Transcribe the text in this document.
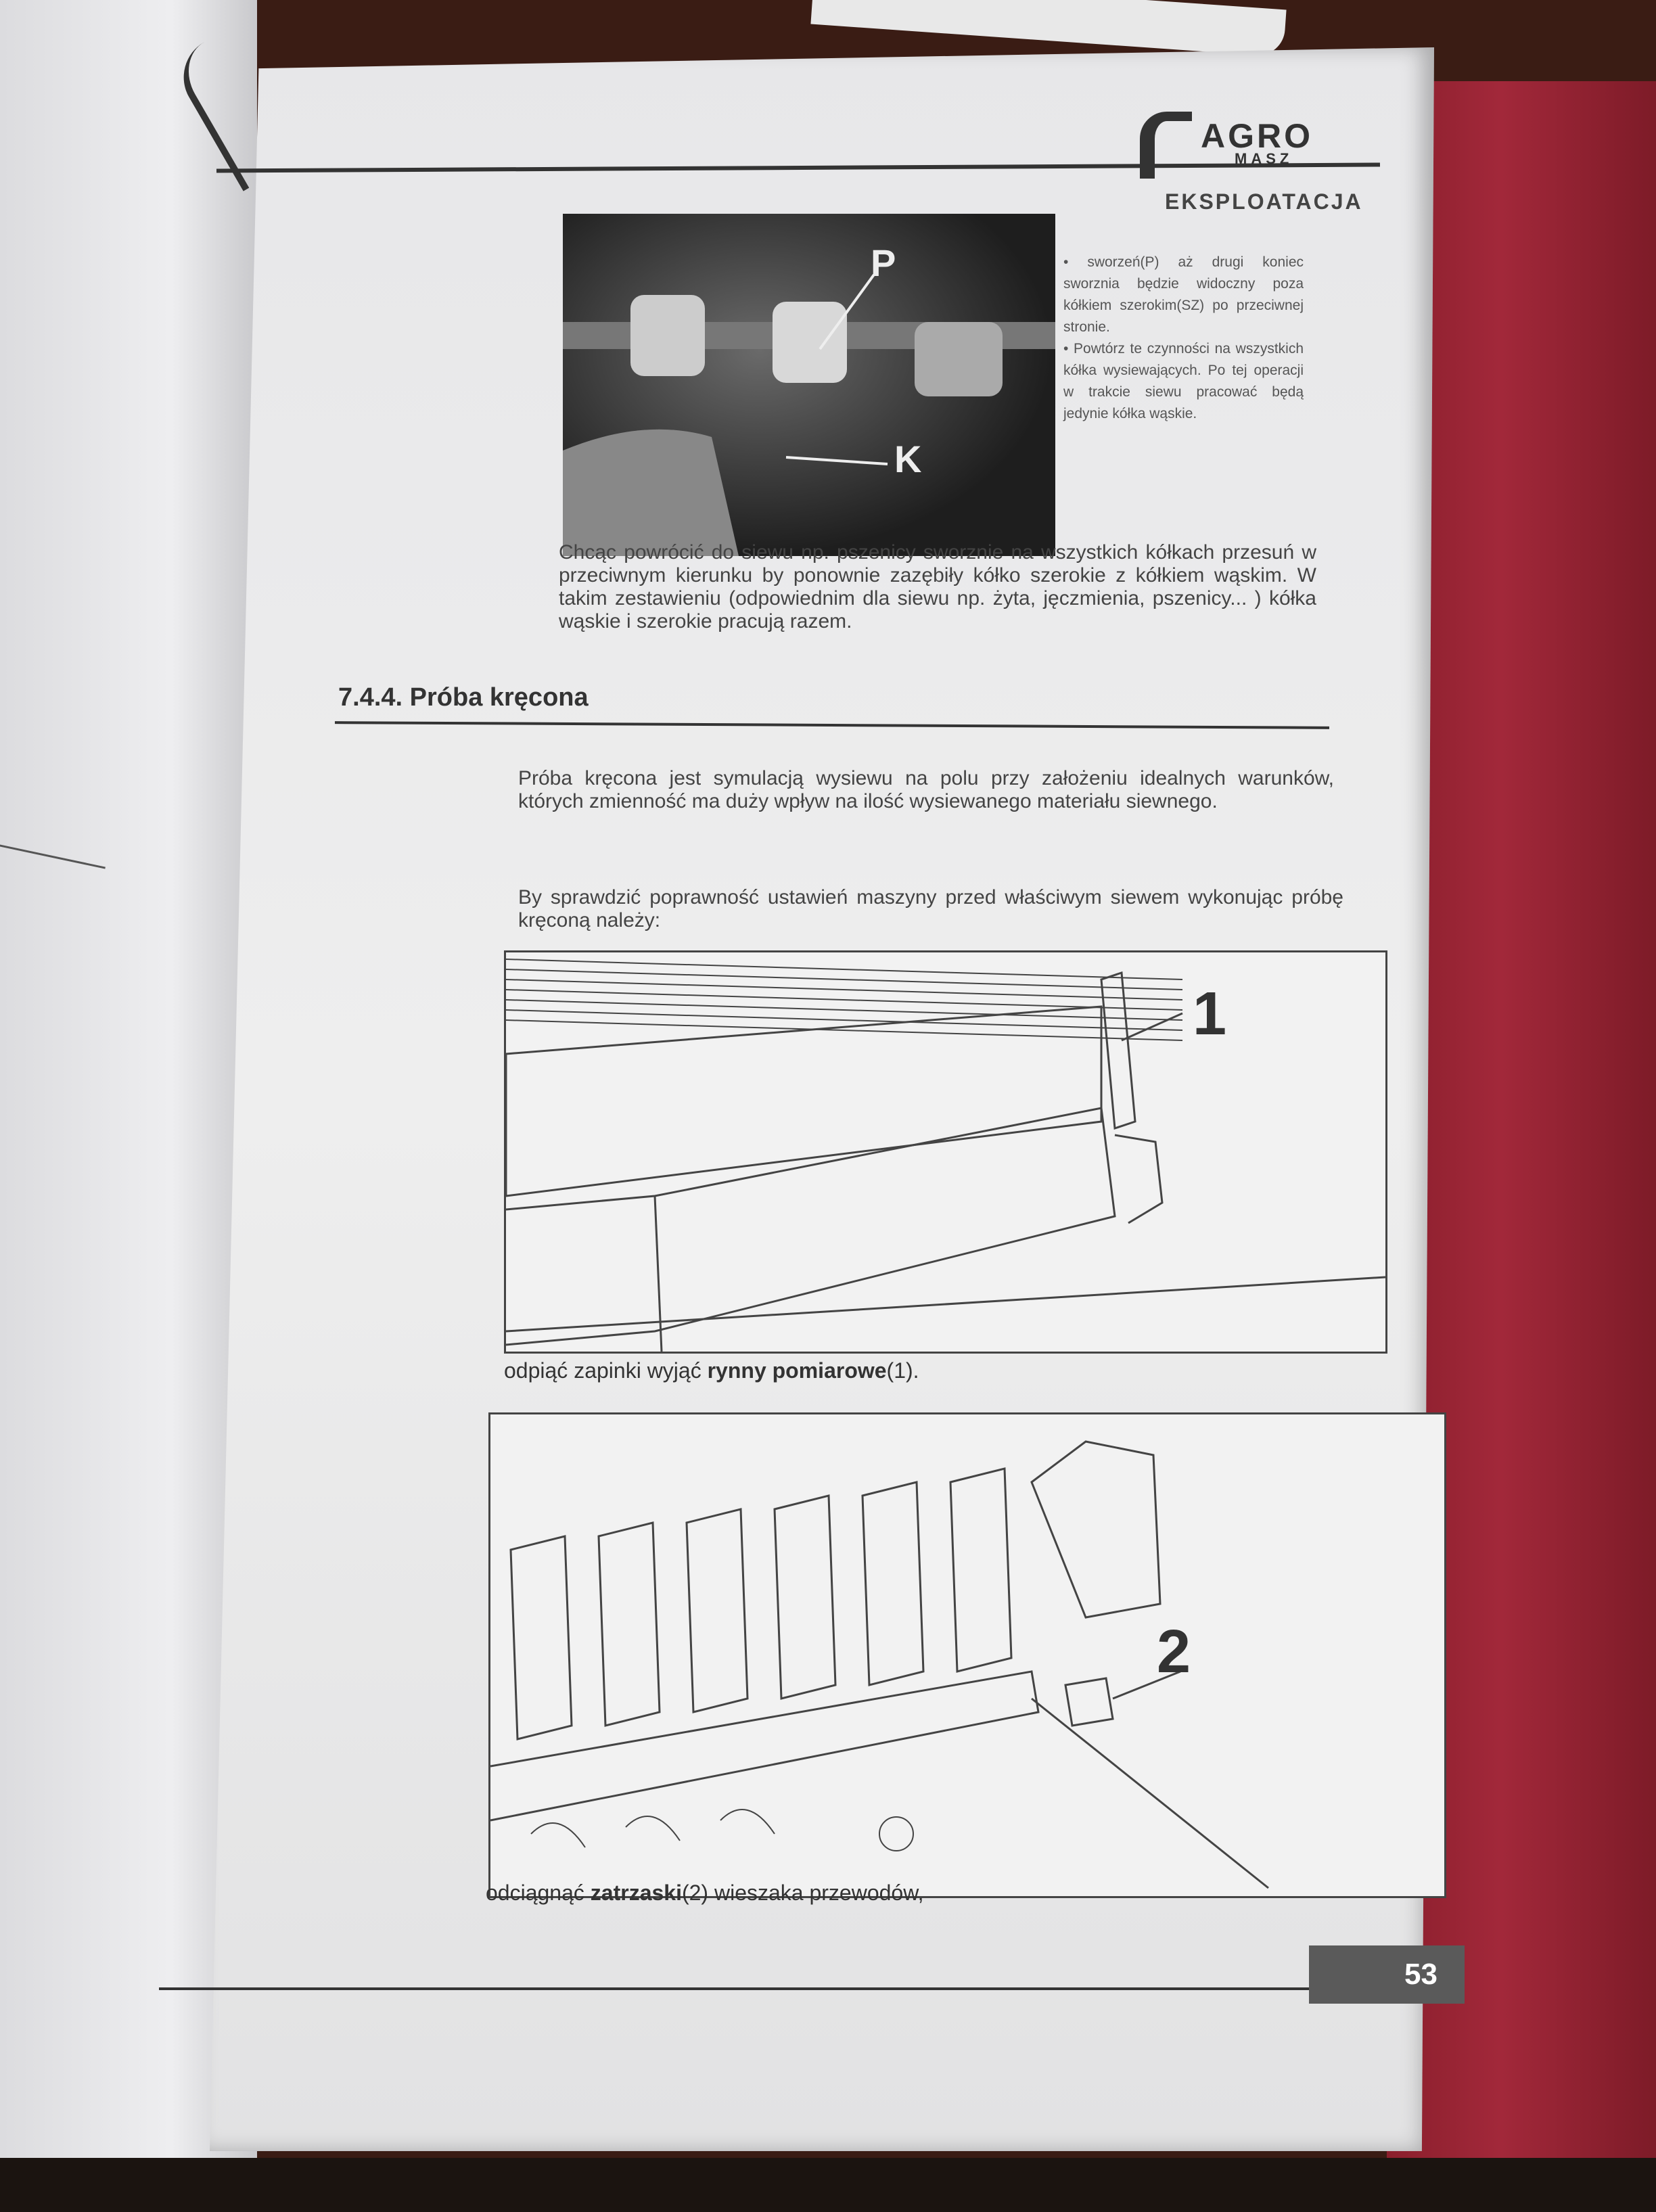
AGRO
MASZ
EKSPLOATACJA
P
K
• sworzeń(P) aż drugi koniec sworznia będzie widoczny poza kółkiem szerokim(SZ) po przeciwnej stronie.
• Powtórz te czynności na wszystkich kółka wysiewających. Po tej operacji w trakcie siewu pracować będą jedynie kółka wąskie.
Chcąc powrócić do siewu np. pszenicy sworznie na wszystkich kółkach przesuń w przeciwnym kierunku by ponownie zazębiły kółko szerokie z kółkiem wąskim. W takim zestawieniu (odpowiednim dla siewu np. żyta, jęczmienia, pszenicy... ) kółka wąskie i szerokie pracują razem.
7.4.4. Próba kręcona
Próba kręcona jest symulacją wysiewu na polu przy założeniu idealnych warunków, których zmienność ma duży wpływ na ilość wysiewanego materiału siewnego.
By sprawdzić poprawność ustawień maszyny przed właściwym siewem wykonując próbę kręconą należy:
1
odpiąć zapinki wyjąć rynny pomiarowe(1).
2
odciągnąć zatrzaski(2) wieszaka przewodów,
53
